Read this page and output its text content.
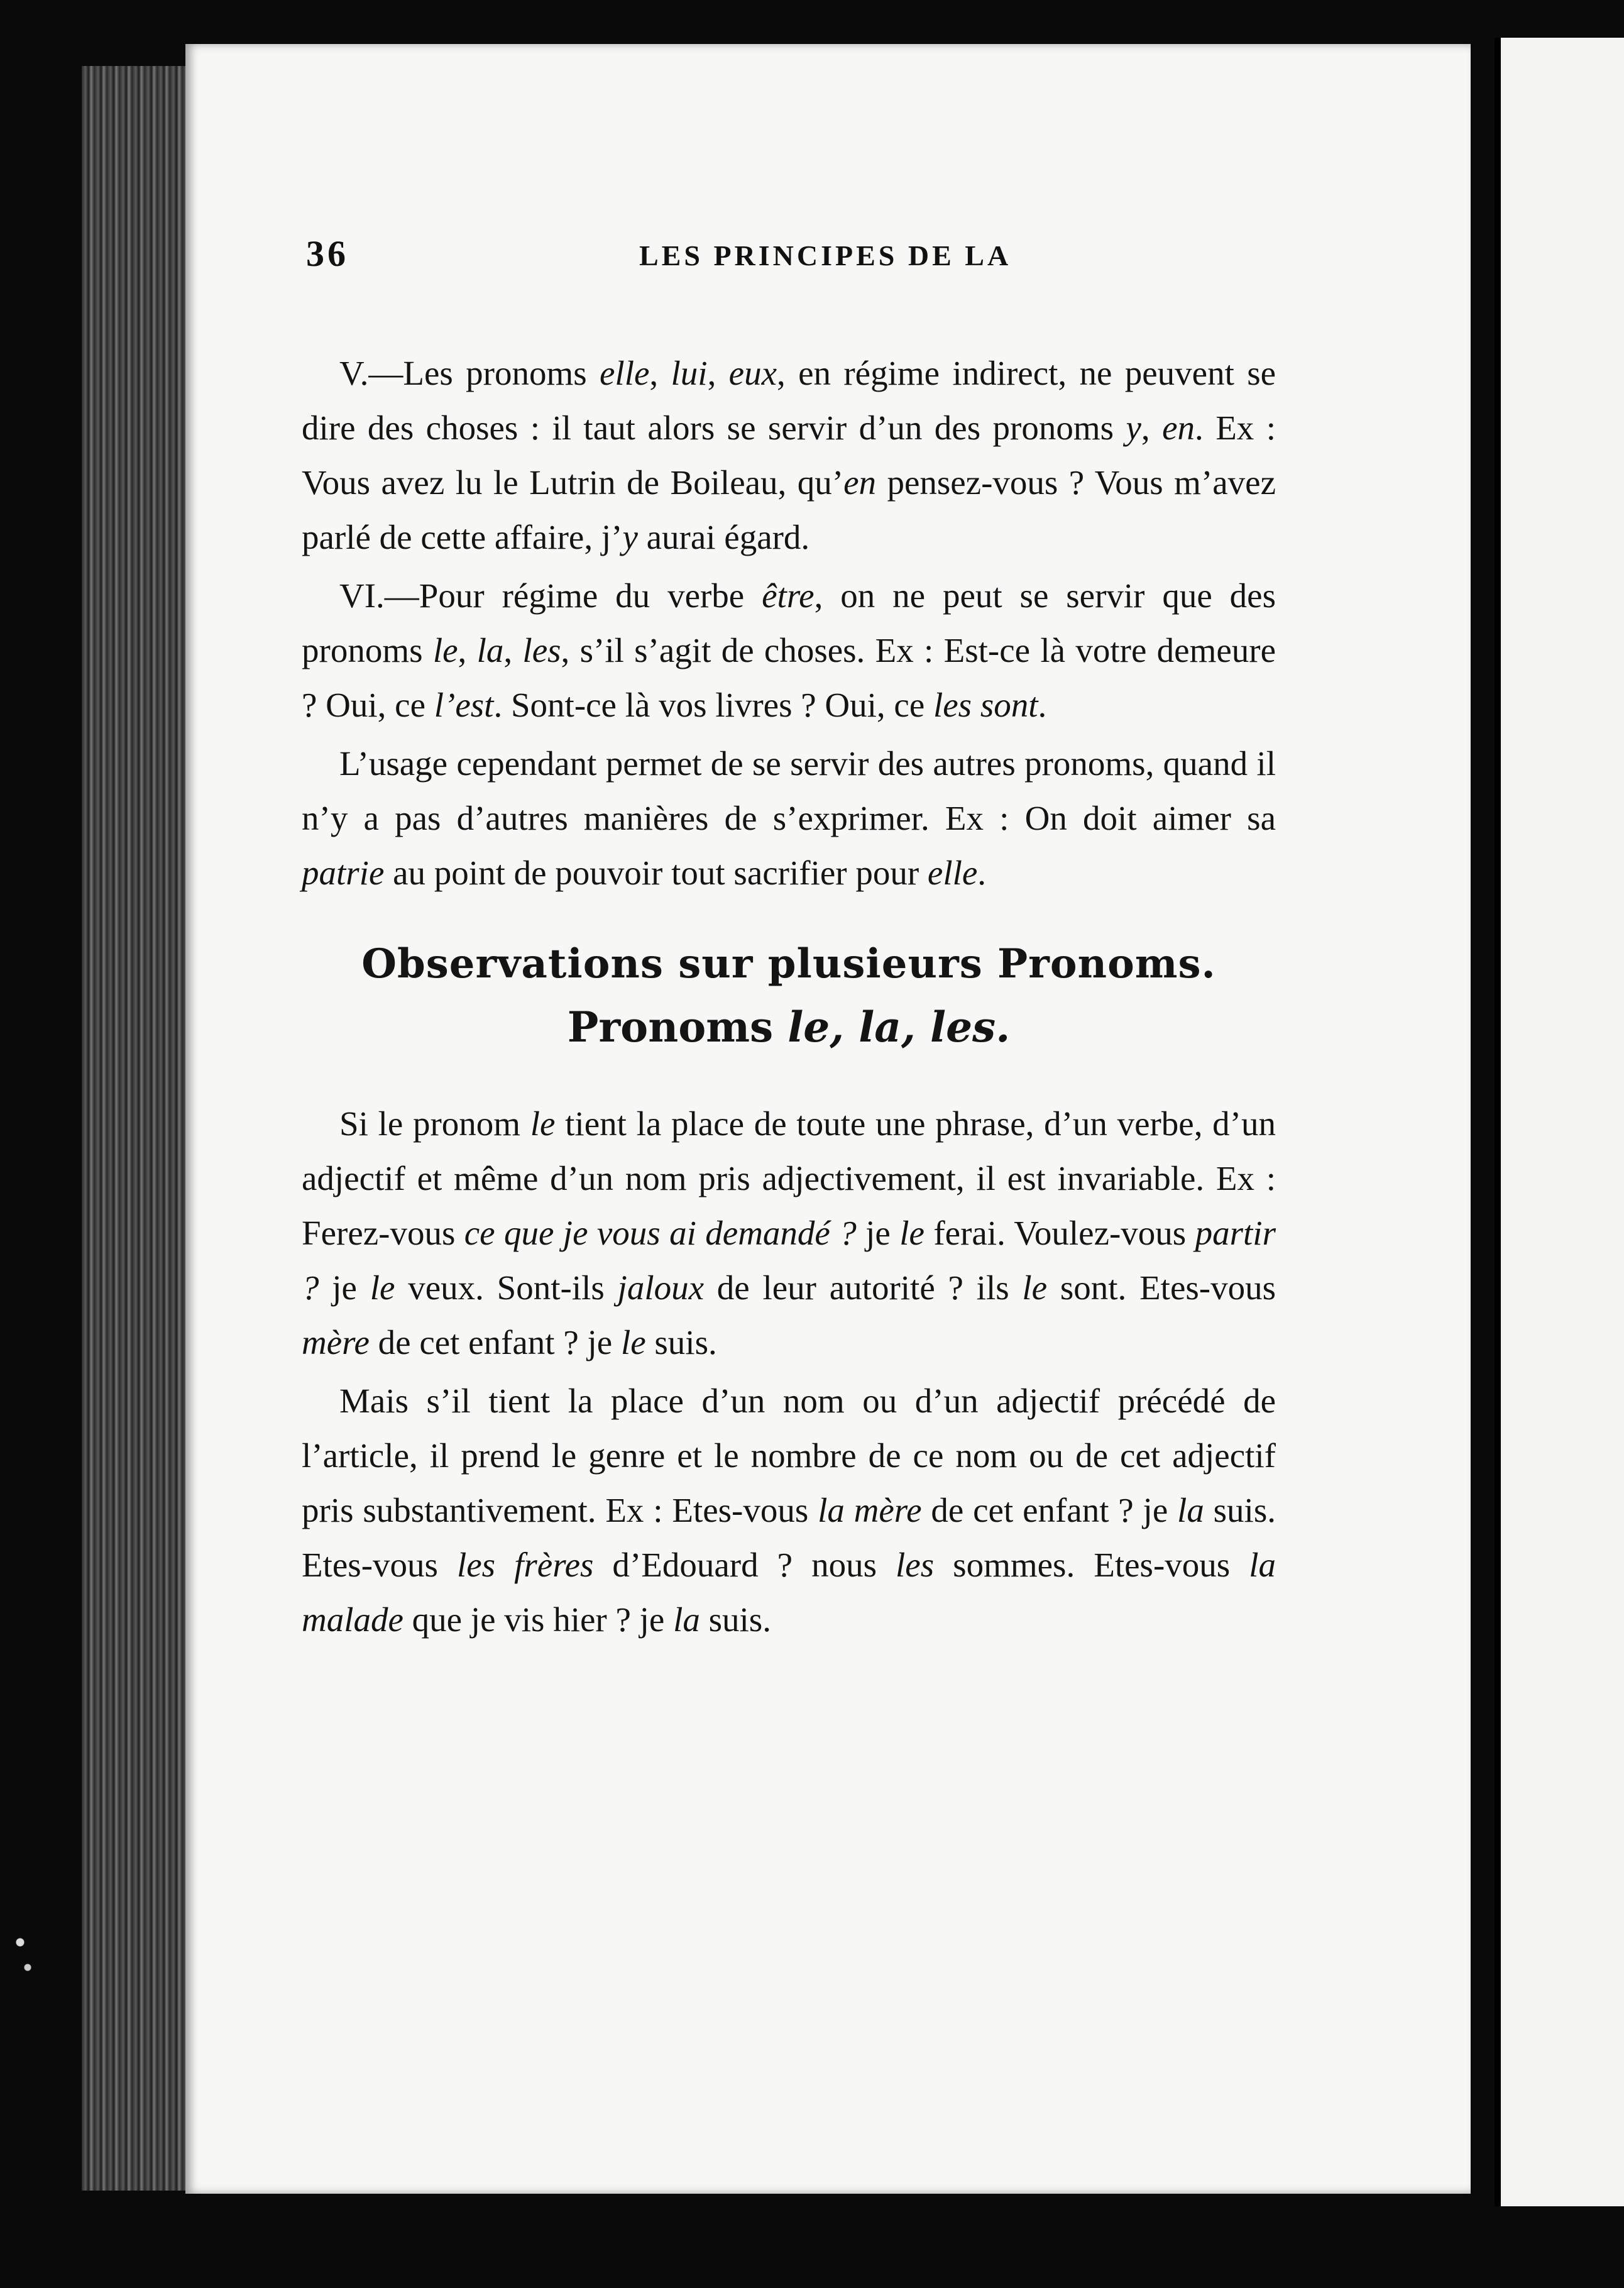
36	LES PRINCIPES DE LA

V.—Les pronoms elle, lui, eux, en régime indirect, ne peuvent se dire des choses : il taut alors se servir d’un des pronoms y, en. Ex : Vous avez lu le Lutrin de Boileau, qu’en pensez-vous ? Vous m’avez parlé de cette affaire, j’y aurai égard.

VI.—Pour régime du verbe être, on ne peut se servir que des pronoms le, la, les, s’il s’agit de choses. Ex : Est-ce là votre demeure ? Oui, ce l’est. Sont-ce là vos livres ? Oui, ce les sont.

L’usage cependant permet de se servir des autres pronoms, quand il n’y a pas d’autres manières de s’exprimer. Ex : On doit aimer sa patrie au point de pouvoir tout sacrifier pour elle.

Observations sur plusieurs Pronoms.
Pronoms le, la, les.

Si le pronom le tient la place de toute une phrase, d’un verbe, d’un adjectif et même d’un nom pris adjectivement, il est invariable. Ex : Ferez-vous ce que je vous ai demandé ? je le ferai. Voulez-vous partir ? je le veux. Sont-ils jaloux de leur autorité ? ils le sont. Etes-vous mère de cet enfant ? je le suis.

Mais s’il tient la place d’un nom ou d’un adjectif précédé de l’article, il prend le genre et le nombre de ce nom ou de cet adjectif pris substantivement. Ex : Etes-vous la mère de cet enfant ? je la suis. Etes-vous les frères d’Edouard ? nous les sommes. Etes-vous la malade que je vis hier ? je la suis.
